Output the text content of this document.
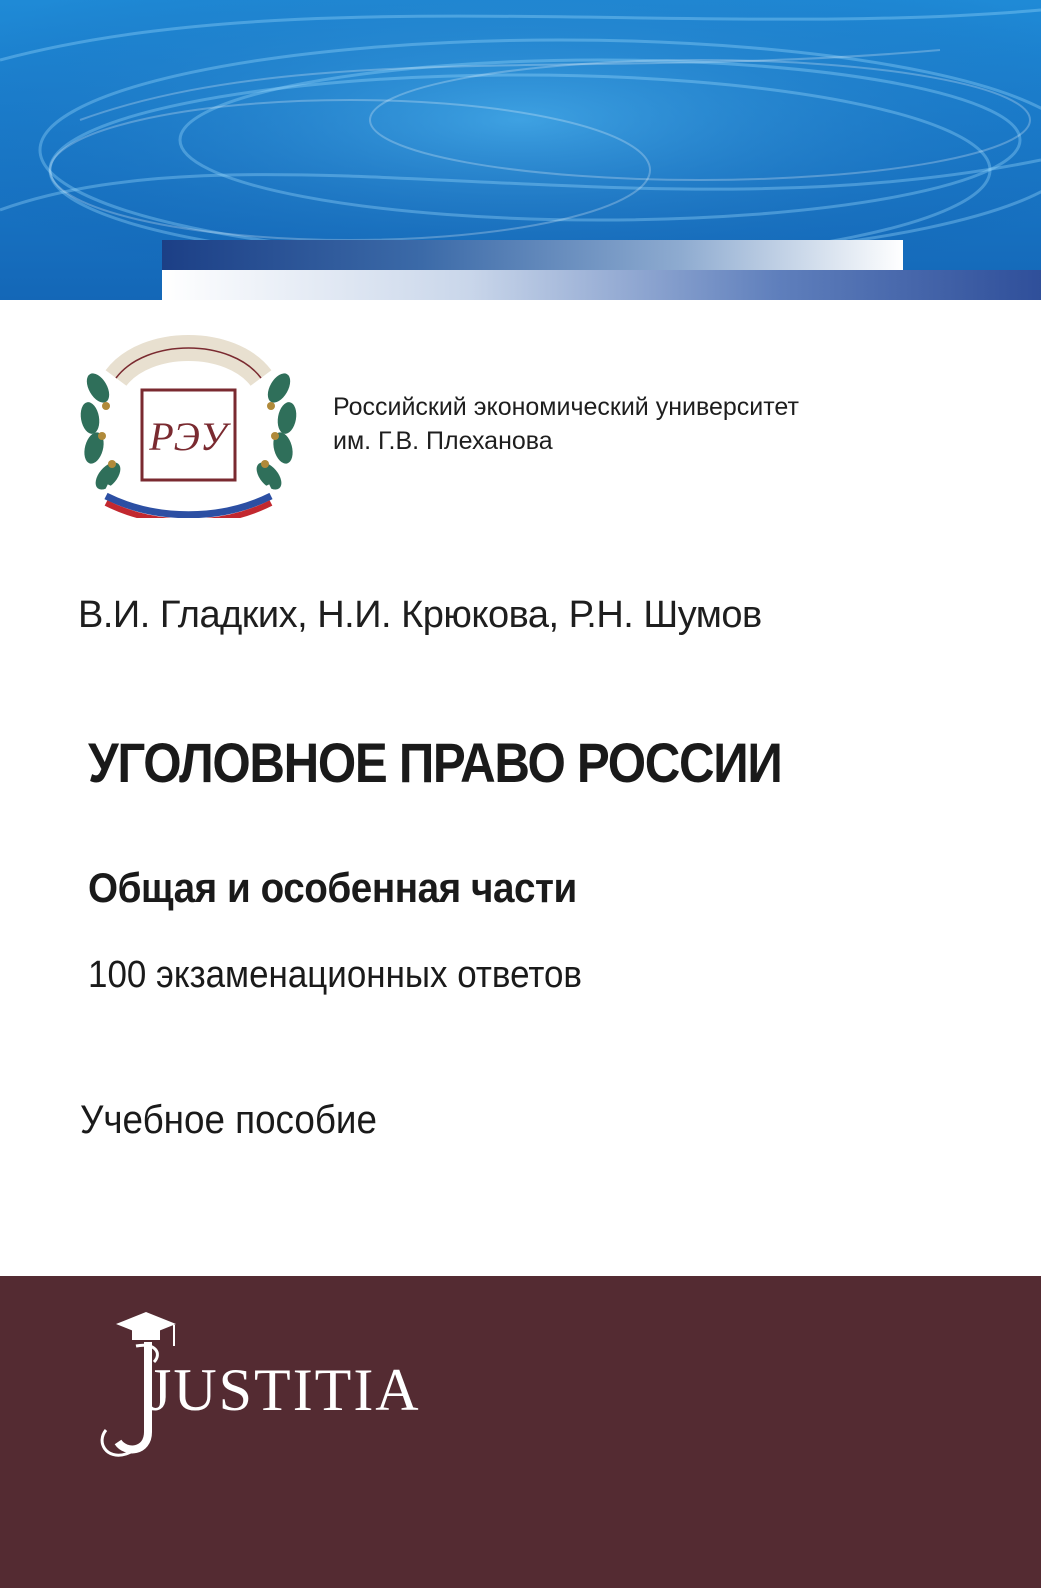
РЭУ
Российский экономический университет
им. Г.В. Плеханова
В.И. Гладких, Н.И. Крюкова, Р.Н. Шумов
УГОЛОВНОЕ ПРАВО РОССИИ
Общая и особенная части
100 экзаменационных ответов
Учебное пособие
JUSTITIA
